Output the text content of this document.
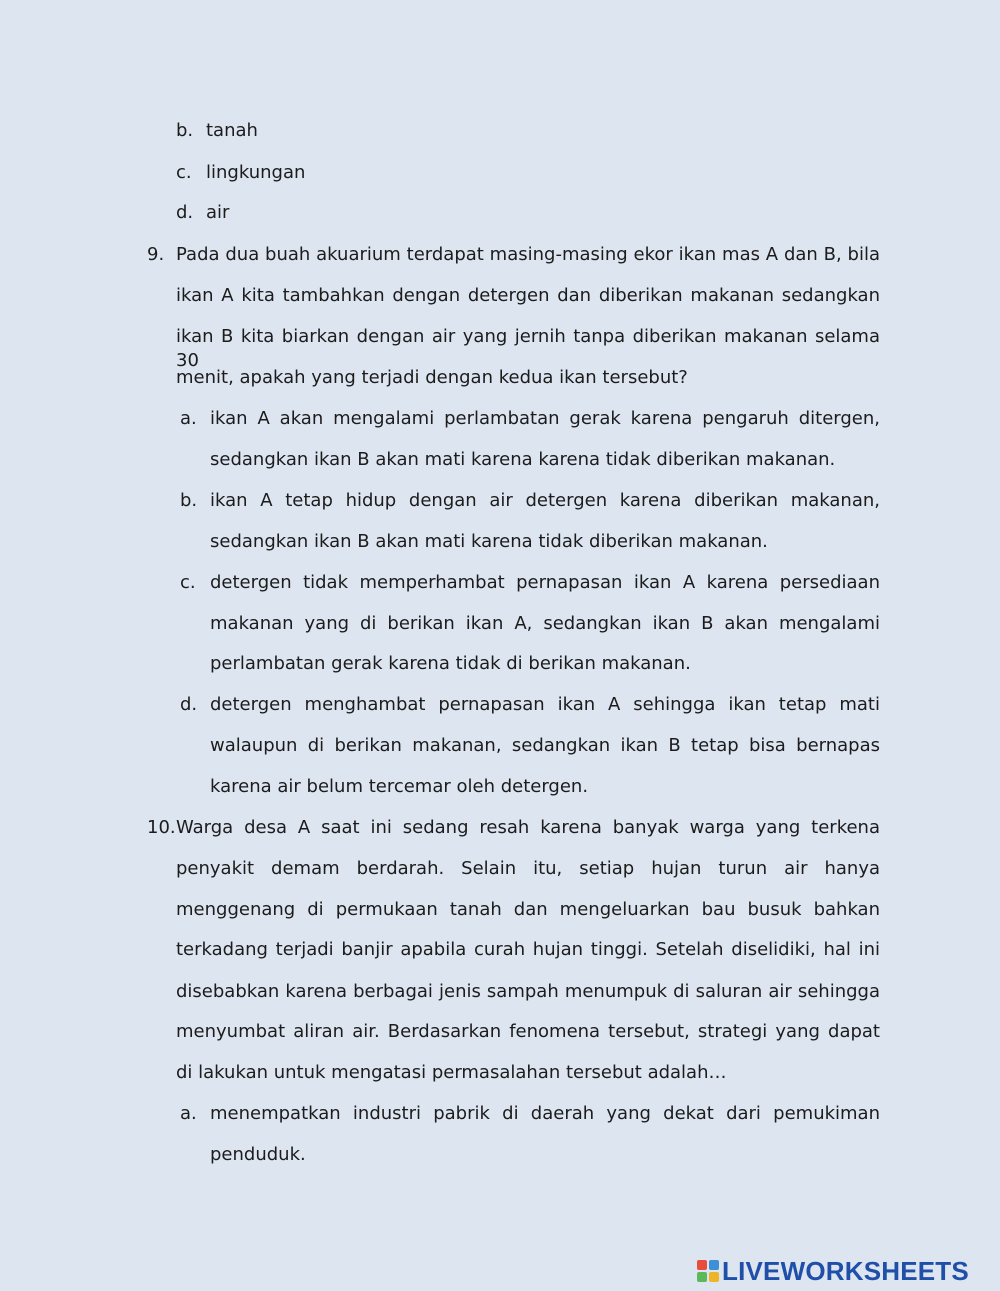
b. tanah
c. lingkungan
d. air
9. Pada dua buah akuarium terdapat masing-masing ekor ikan mas A dan B, bila
ikan A kita tambahkan dengan detergen dan diberikan makanan sedangkan
ikan B kita biarkan dengan air yang jernih tanpa diberikan makanan selama 30
menit, apakah yang terjadi dengan kedua ikan tersebut?
a. ikan A akan mengalami perlambatan gerak karena pengaruh ditergen,
sedangkan ikan B akan mati karena karena tidak diberikan makanan.
b. ikan A tetap hidup dengan air detergen karena diberikan makanan,
sedangkan ikan B akan mati karena tidak diberikan makanan.
c. detergen tidak memperhambat pernapasan ikan A karena persediaan
makanan yang di berikan ikan A, sedangkan ikan B akan mengalami
perlambatan gerak karena tidak di berikan makanan.
d. detergen menghambat pernapasan ikan A sehingga ikan tetap mati
walaupun di berikan makanan, sedangkan ikan B tetap bisa bernapas
karena air belum tercemar oleh detergen.
10. Warga desa A saat ini sedang resah karena banyak warga yang terkena
penyakit demam berdarah. Selain itu, setiap hujan turun air hanya
menggenang di permukaan tanah dan mengeluarkan bau busuk bahkan
terkadang terjadi banjir apabila curah hujan tinggi. Setelah diselidiki, hal ini
disebabkan karena berbagai jenis sampah menumpuk di saluran air sehingga
menyumbat aliran air. Berdasarkan fenomena tersebut, strategi yang dapat
di lakukan untuk mengatasi permasalahan tersebut adalah…
a. menempatkan industri pabrik di daerah yang dekat dari pemukiman
penduduk.
LIVEWORKSHEETS
